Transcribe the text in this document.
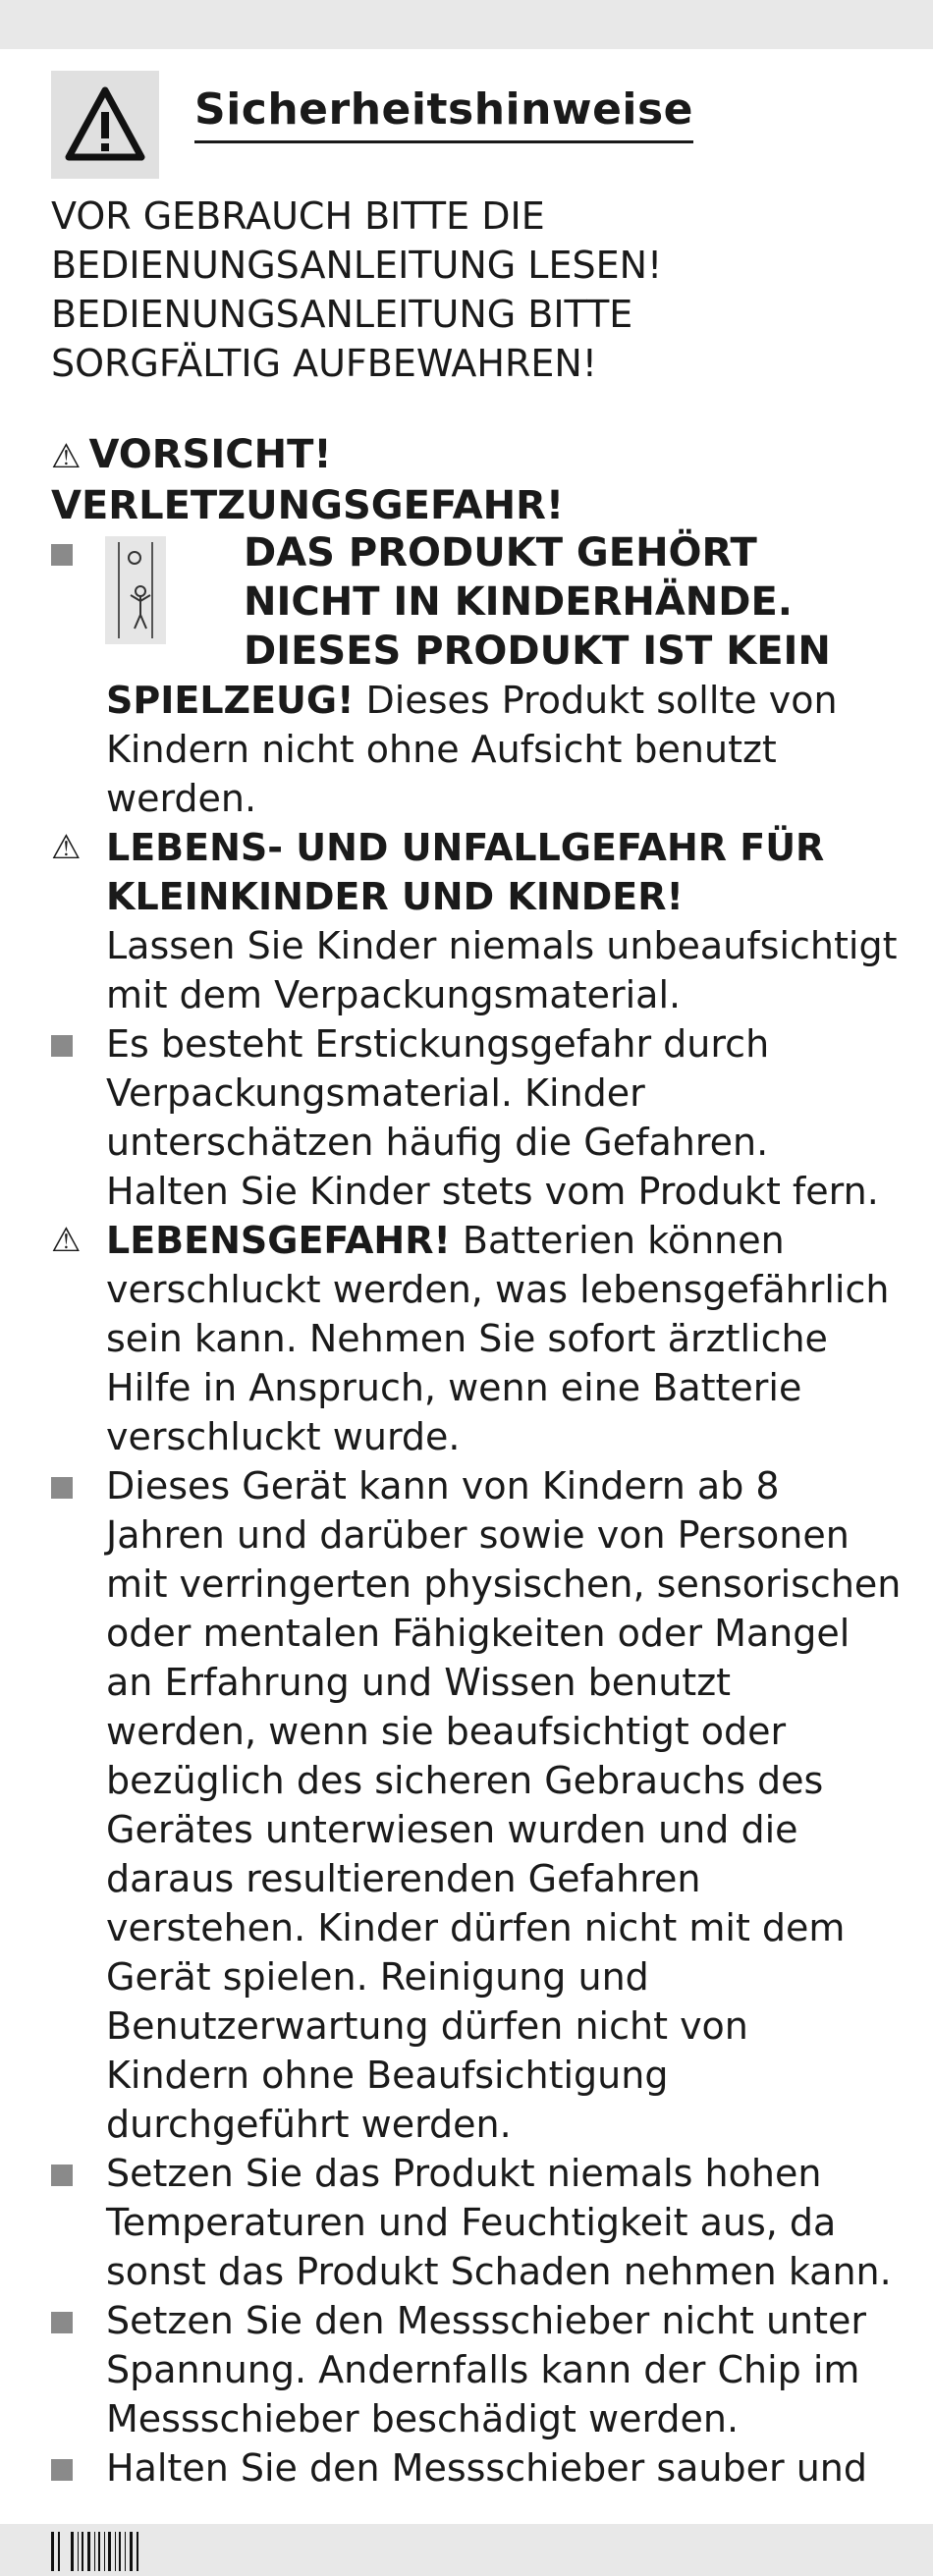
Sicherheitshinweise
VOR GEBRAUCH BITTE DIE
BEDIENUNGSANLEITUNG LESEN!
BEDIENUNGSANLEITUNG BITTE
SORGFÄLTIG AUFBEWAHREN!
⚠ VORSICHT!
VERLETZUNGSGEFAHR!
DAS PRODUKT GEHÖRT
NICHT IN KINDERHÄNDE.
DIESES PRODUKT IST KEIN
SPIELZEUG! Dieses Produkt sollte von
Kindern nicht ohne Aufsicht benutzt
werden.
⚠ LEBENS- UND UNFALLGEFAHR FÜR
KLEINKINDER UND KINDER!
Lassen Sie Kinder niemals unbeaufsichtigt
mit dem Verpackungsmaterial.
Es besteht Erstickungsgefahr durch
Verpackungsmaterial. Kinder
unterschätzen häufig die Gefahren.
Halten Sie Kinder stets vom Produkt fern.
⚠ LEBENSGEFAHR! Batterien können
verschluckt werden, was lebensgefährlich
sein kann. Nehmen Sie sofort ärztliche
Hilfe in Anspruch, wenn eine Batterie
verschluckt wurde.
Dieses Gerät kann von Kindern ab 8
Jahren und darüber sowie von Personen
mit verringerten physischen, sensorischen
oder mentalen Fähigkeiten oder Mangel
an Erfahrung und Wissen benutzt
werden, wenn sie beaufsichtigt oder
bezüglich des sicheren Gebrauchs des
Gerätes unterwiesen wurden und die
daraus resultierenden Gefahren
verstehen. Kinder dürfen nicht mit dem
Gerät spielen. Reinigung und
Benutzerwartung dürfen nicht von
Kindern ohne Beaufsichtigung
durchgeführt werden.
Setzen Sie das Produkt niemals hohen
Temperaturen und Feuchtigkeit aus, da
sonst das Produkt Schaden nehmen kann.
Setzen Sie den Messschieber nicht unter
Spannung. Andernfalls kann der Chip im
Messschieber beschädigt werden.
Halten Sie den Messschieber sauber und
